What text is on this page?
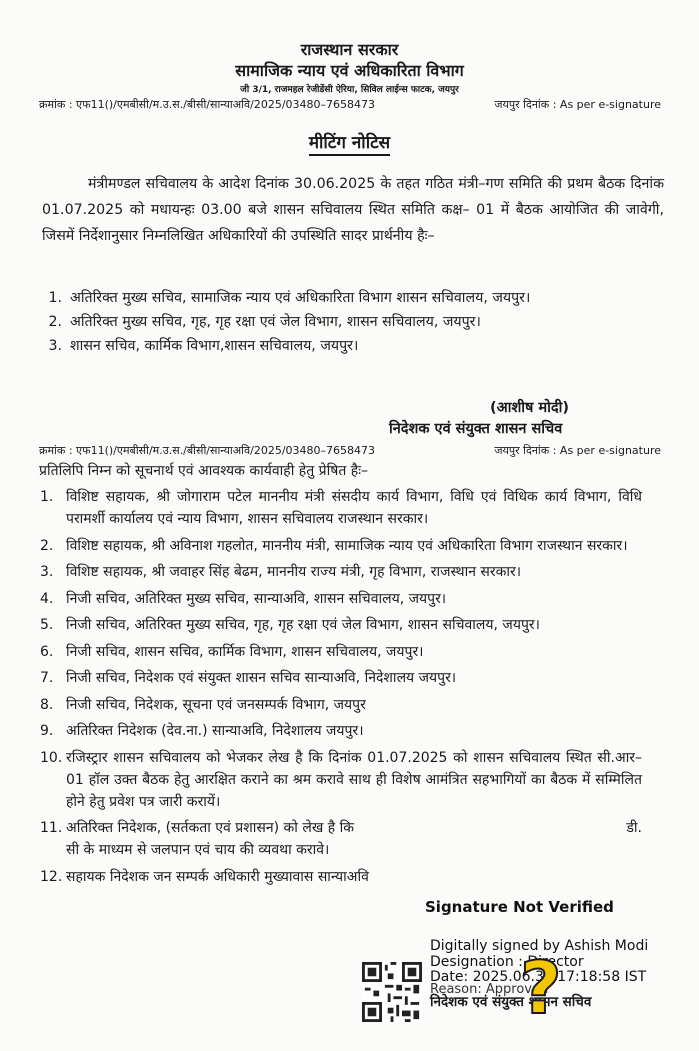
राजस्थान सरकार
सामाजिक न्याय एवं अधिकारिता विभाग
जी 3/1, राजमहल रेजीडेंसी ऐरिया, सिविल लाईन्स फाटक, जयपुर
क्रमांक : एफ11()/एमबीसी/म.उ.स./बीसी/सान्याअवि/2025/03480–7658473	जयपुर दिनांक : As per e-signature
मीटिंग नोटिस
मंत्रीमण्डल सचिवालय के आदेश दिनांक 30.06.2025 के तहत गठित मंत्री–गण समिति की प्रथम बैठक दिनांक 01.07.2025 को मधायन्हः 03.00 बजे शासन सचिवालय स्थित समिति कक्ष– 01 में बैठक आयोजित की जावेगी, जिसमें निर्देशानुसार निम्नलिखित अधिकारियों की उपस्थिति सादर प्रार्थनीय हैः–
1. अतिरिक्त मुख्य सचिव, सामाजिक न्याय एवं अधिकारिता विभाग शासन सचिवालय, जयपुर।
2. अतिरिक्त मुख्य सचिव, गृह, गृह रक्षा एवं जेल विभाग, शासन सचिवालय, जयपुर।
3. शासन सचिव, कार्मिक विभाग,शासन सचिवालय, जयपुर।
(आशीष मोदी)
निदेशक एवं संयुक्त शासन सचिव
क्रमांक : एफ11()/एमबीसी/म.उ.स./बीसी/सान्याअवि/2025/03480–7658473	जयपुर दिनांक : As per e-signature
प्रतिलिपि निम्न को सूचनार्थ एवं आवश्यक कार्यवाही हेतु प्रेषित हैः–
1. विशिष्ट सहायक, श्री जोगाराम पटेल माननीय मंत्री संसदीय कार्य विभाग, विधि एवं विधिक कार्य विभाग, विधि परामर्शी कार्यालय एवं न्याय विभाग, शासन सचिवालय राजस्थान सरकार।
2. विशिष्ट सहायक, श्री अविनाश गहलोत, माननीय मंत्री, सामाजिक न्याय एवं अधिकारिता विभाग राजस्थान सरकार।
3. विशिष्ट सहायक, श्री जवाहर सिंह बेढम, माननीय राज्य मंत्री, गृह विभाग, राजस्थान सरकार।
4. निजी सचिव, अतिरिक्त मुख्य सचिव, सान्याअवि, शासन सचिवालय, जयपुर।
5. निजी सचिव, अतिरिक्त मुख्य सचिव, गृह, गृह रक्षा एवं जेल विभाग, शासन सचिवालय, जयपुर।
6. निजी सचिव, शासन सचिव, कार्मिक विभाग, शासन सचिवालय, जयपुर।
7. निजी सचिव, निदेशक एवं संयुक्त शासन सचिव सान्याअवि, निदेशालय जयपुर।
8. निजी सचिव, निदेशक, सूचना एवं जनसम्पर्क विभाग, जयपुर
9. अतिरिक्त निदेशक (देव.ना.) सान्याअवि, निदेशालय जयपुर।
10. रजिस्ट्रार शासन सचिवालय को भेजकर लेख है कि दिनांक 01.07.2025 को शासन सचिवालय स्थित सी.आर–01 हॉल उक्त बैठक हेतु आरक्षित कराने का श्रम करावे साथ ही विशेष आमंत्रित सहभागियों का बैठक में सम्मिलित होने हेतु प्रवेश पत्र जारी करायें।
11. अतिरिक्त निदेशक, (सर्तकता एवं प्रशासन) को लेख है कि	डी.
सी के माध्यम से जलपान एवं चाय की व्यवथा करावे।
12. सहायक निदेशक जन सम्पर्क अधिकारी मुख्यावास सान्याअवि
Signature Not Verified
Digitally signed by Ashish Modi
Designation : Director
Date: 2025.06.30 17:18:58 IST
Reason: Approved
निदेशक एवं संयुक्त शासन सचिव
?
